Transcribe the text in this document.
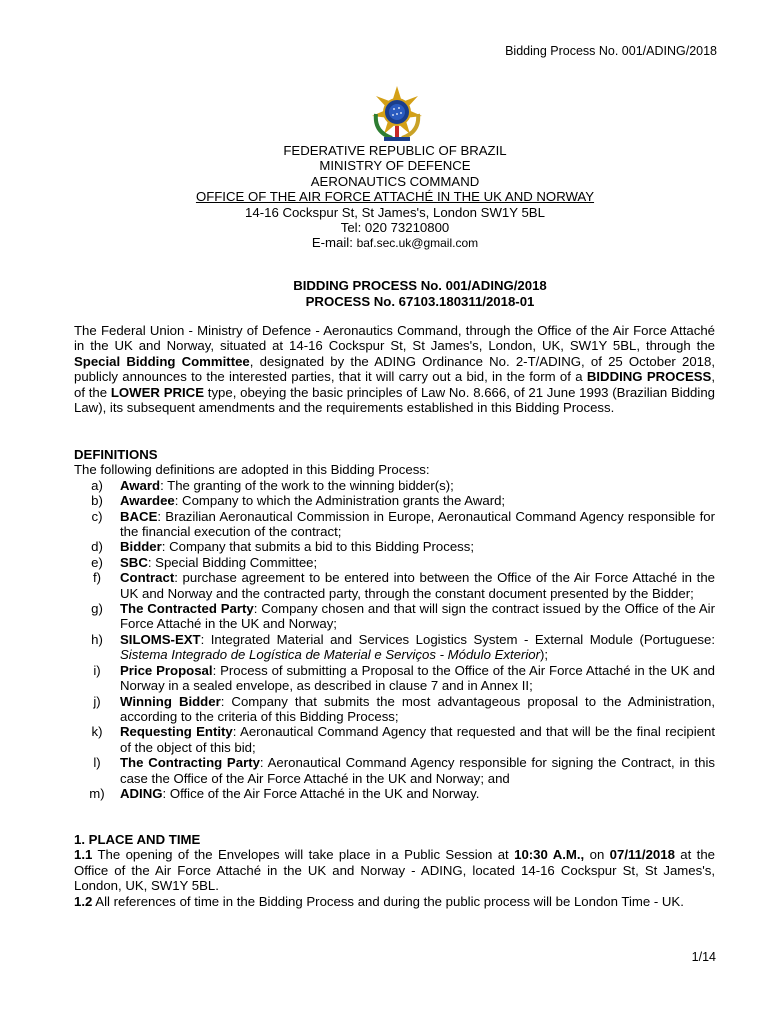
Bidding Process No. 001/ADING/2018
FEDERATIVE REPUBLIC OF BRAZIL
MINISTRY OF DEFENCE
AERONAUTICS COMMAND
OFFICE OF THE AIR FORCE ATTACHÉ IN THE UK AND NORWAY
14-16 Cockspur St, St James's, London SW1Y 5BL
Tel: 020 73210800
E-mail: baf.sec.uk@gmail.com
BIDDING PROCESS No. 001/ADING/2018
PROCESS No. 67103.180311/2018-01
The Federal Union - Ministry of Defence - Aeronautics Command, through the Office of the Air Force Attaché in the UK and Norway, situated at 14-16 Cockspur St, St James's, London, UK, SW1Y 5BL, through the Special Bidding Committee, designated by the ADING Ordinance No. 2-T/ADING, of 25 October 2018, publicly announces to the interested parties, that it will carry out a bid, in the form of a BIDDING PROCESS, of the LOWER PRICE type, obeying the basic principles of Law No. 8.666, of 21 June 1993 (Brazilian Bidding Law), its subsequent amendments and the requirements established in this Bidding Process.
DEFINITIONS
The following definitions are adopted in this Bidding Process:
a)	Award: The granting of the work to the winning bidder(s);
b)	Awardee: Company to which the Administration grants the Award;
c)	BACE: Brazilian Aeronautical Commission in Europe, Aeronautical Command Agency responsible for the financial execution of the contract;
d)	Bidder: Company that submits a bid to this Bidding Process;
e)	SBC: Special Bidding Committee;
f)	Contract: purchase agreement to be entered into between the Office of the Air Force Attaché in the UK and Norway and the contracted party, through the constant document presented by the Bidder;
g)	The Contracted Party: Company chosen and that will sign the contract issued by the Office of the Air Force Attaché in the UK and Norway;
h)	SILOMS-EXT: Integrated Material and Services Logistics System - External Module (Portuguese: Sistema Integrado de Logística de Material e Serviços - Módulo Exterior);
i)	Price Proposal: Process of submitting a Proposal to the Office of the Air Force Attaché in the UK and Norway in a sealed envelope, as described in clause 7 and in Annex II;
j)	Winning Bidder: Company that submits the most advantageous proposal to the Administration, according to the criteria of this Bidding Process;
k)	Requesting Entity: Aeronautical Command Agency that requested and that will be the final recipient of the object of this bid;
l)	The Contracting Party: Aeronautical Command Agency responsible for signing the Contract, in this case the Office of the Air Force Attaché in the UK and Norway; and
m)	ADING: Office of the Air Force Attaché in the UK and Norway.
1. PLACE AND TIME
1.1 The opening of the Envelopes will take place in a Public Session at 10:30 A.M., on 07/11/2018 at the Office of the Air Force Attaché in the UK and Norway - ADING, located 14-16 Cockspur St, St James's, London, UK, SW1Y 5BL.
1.2 All references of time in the Bidding Process and during the public process will be London Time - UK.
1/14
